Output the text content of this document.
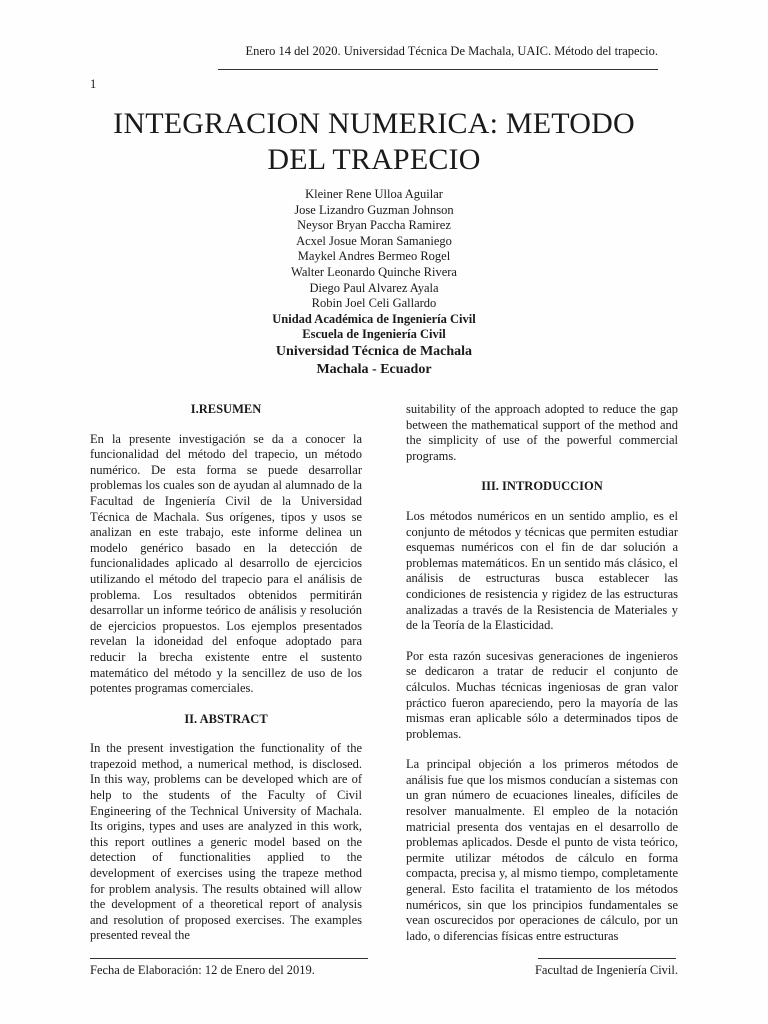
Enero 14 del 2020. Universidad Técnica De Machala, UAIC. Método del trapecio.
1
INTEGRACION NUMERICA: METODO
DEL TRAPECIO
Kleiner Rene Ulloa Aguilar
Jose Lizandro Guzman Johnson
Neysor Bryan Paccha Ramirez
Acxel Josue Moran Samaniego
Maykel Andres Bermeo Rogel
Walter Leonardo Quinche Rivera
Diego Paul Alvarez Ayala
Robin Joel Celi Gallardo
Unidad Académica de Ingeniería Civil
Escuela de Ingeniería Civil
Universidad Técnica de Machala
Machala - Ecuador
I.RESUMEN

En la presente investigación se da a conocer la funcionalidad del método del trapecio, un método numérico. De esta forma se puede desarrollar problemas los cuales son de ayudan al alumnado de la Facultad de Ingeniería Civil de la Universidad Técnica de Machala. Sus orígenes, tipos y usos se analizan en este trabajo, este informe delinea un modelo genérico basado en la detección de funcionalidades aplicado al desarrollo de ejercicios utilizando el método del trapecio para el análisis de problema. Los resultados obtenidos permitirán desarrollar un informe teórico de análisis y resolución de ejercicios propuestos. Los ejemplos presentados revelan la idoneidad del enfoque adoptado para reducir la brecha existente entre el sustento matemático del método y la sencillez de uso de los potentes programas comerciales.

II. ABSTRACT

In the present investigation the functionality of the trapezoid method, a numerical method, is disclosed. In this way, problems can be developed which are of help to the students of the Faculty of Civil Engineering of the Technical University of Machala. Its origins, types and uses are analyzed in this work, this report outlines a generic model based on the detection of functionalities applied to the development of exercises using the trapeze method for problem analysis. The results obtained will allow the development of a theoretical report of analysis and resolution of proposed exercises. The examples presented reveal the

suitability of the approach adopted to reduce the gap between the mathematical support of the method and the simplicity of use of the powerful commercial programs.

III. INTRODUCCION

Los métodos numéricos en un sentido amplio, es el conjunto de métodos y técnicas que permiten estudiar esquemas numéricos con el fin de dar solución a problemas matemáticos. En un sentido más clásico, el análisis de estructuras busca establecer las condiciones de resistencia y rigidez de las estructuras analizadas a través de la Resistencia de Materiales y de la Teoría de la Elasticidad.

Por esta razón sucesivas generaciones de ingenieros se dedicaron a tratar de reducir el conjunto de cálculos. Muchas técnicas ingeniosas de gran valor práctico fueron apareciendo, pero la mayoría de las mismas eran aplicable sólo a determinados tipos de problemas.

La principal objeción a los primeros métodos de análisis fue que los mismos conducían a sistemas con un gran número de ecuaciones lineales, difíciles de resolver manualmente. El empleo de la notación matricial presenta dos ventajas en el desarrollo de problemas aplicados. Desde el punto de vista teórico, permite utilizar métodos de cálculo en forma compacta, precisa y, al mismo tiempo, completamente general. Esto facilita el tratamiento de los métodos numéricos, sin que los principios fundamentales se vean oscurecidos por operaciones de cálculo, por un lado, o diferencias físicas entre estructuras

Fecha de Elaboración: 12 de Enero del 2019.	Facultad de Ingeniería Civil.
